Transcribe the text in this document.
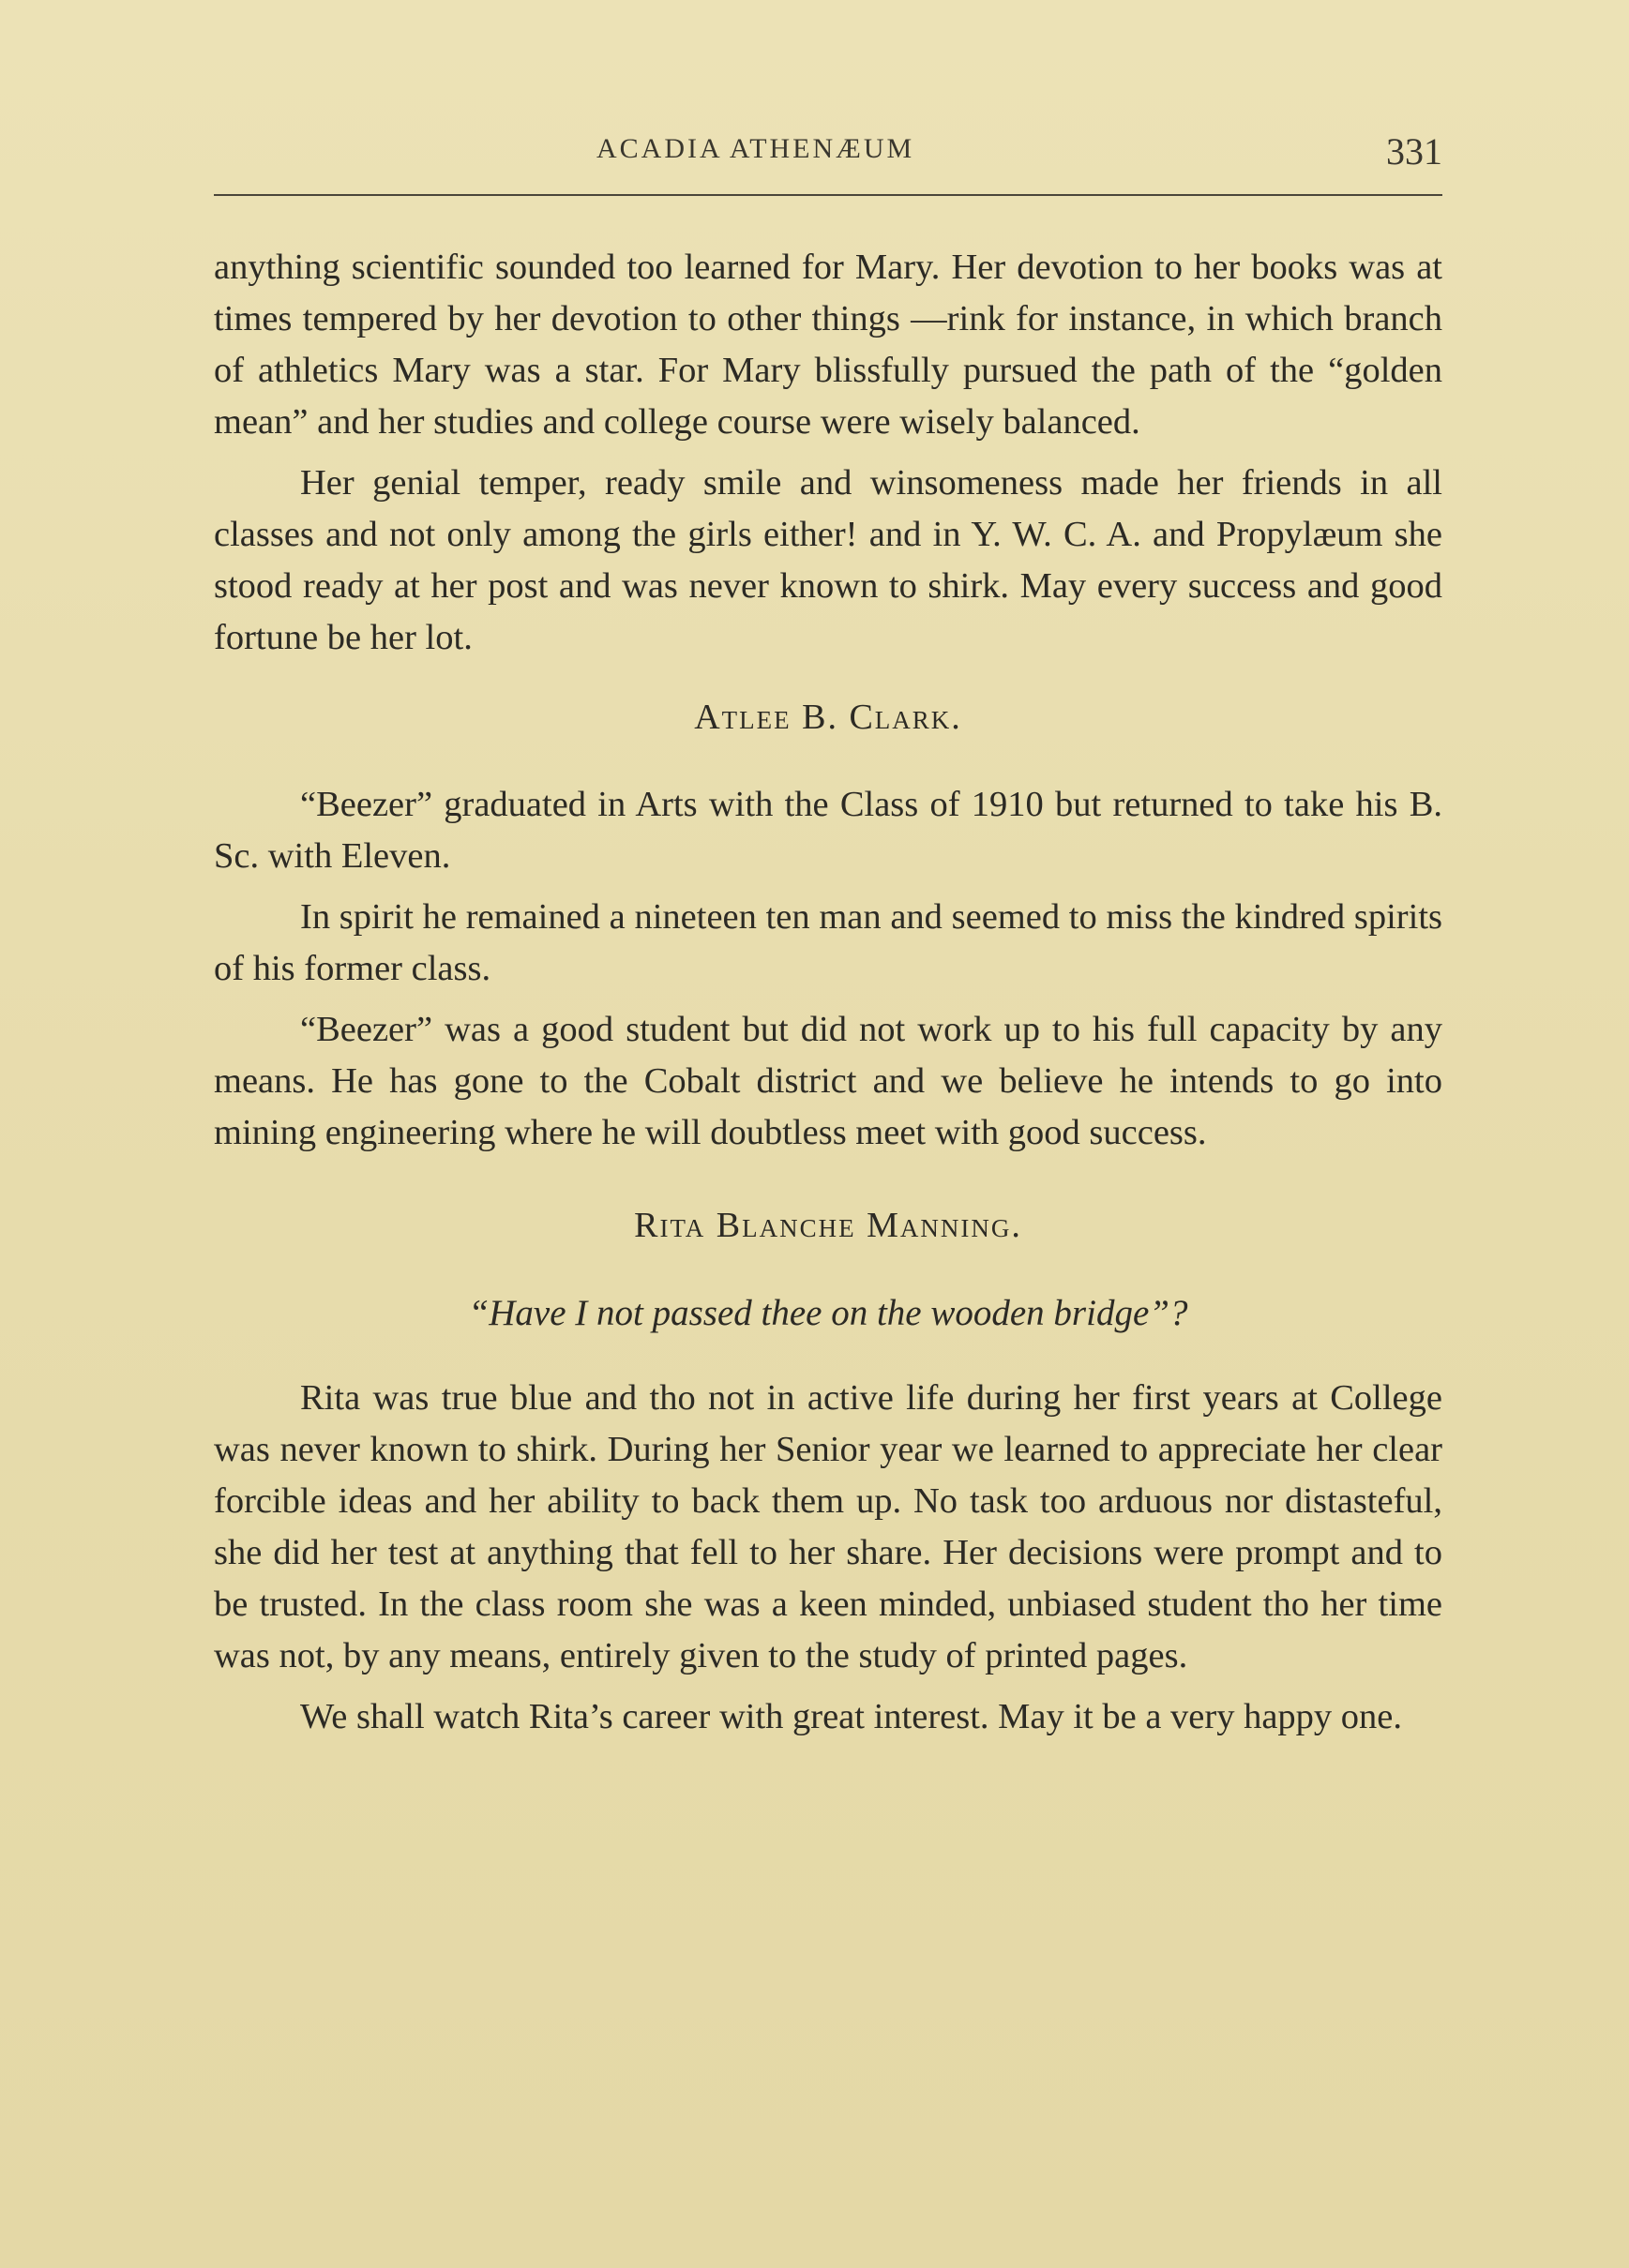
ACADIA ATHENÆUM	331

anything scientific sounded too learned for Mary. Her devotion to her books was at times tempered by her devotion to other things —rink for instance, in which branch of athletics Mary was a star. For Mary blissfully pursued the path of the “golden mean” and her studies and college course were wisely balanced.

Her genial temper, ready smile and winsomeness made her friends in all classes and not only among the girls either! and in Y. W. C. A. and Propylæum she stood ready at her post and was never known to shirk. May every success and good fortune be her lot.

Atlee B. Clark.

“Beezer” graduated in Arts with the Class of 1910 but returned to take his B. Sc. with Eleven.

In spirit he remained a nineteen ten man and seemed to miss the kindred spirits of his former class.

“Beezer” was a good student but did not work up to his full capacity by any means. He has gone to the Cobalt district and we believe he intends to go into mining engineering where he will doubtless meet with good success.

Rita Blanche Manning.
“Have I not passed thee on the wooden bridge”?

Rita was true blue and tho not in active life during her first years at College was never known to shirk. During her Senior year we learned to appreciate her clear forcible ideas and her ability to back them up. No task too arduous nor distasteful, she did her test at anything that fell to her share. Her decisions were prompt and to be trusted. In the class room she was a keen minded, unbiased student tho her time was not, by any means, entirely given to the study of printed pages.

We shall watch Rita’s career with great interest. May it be a very happy one.
